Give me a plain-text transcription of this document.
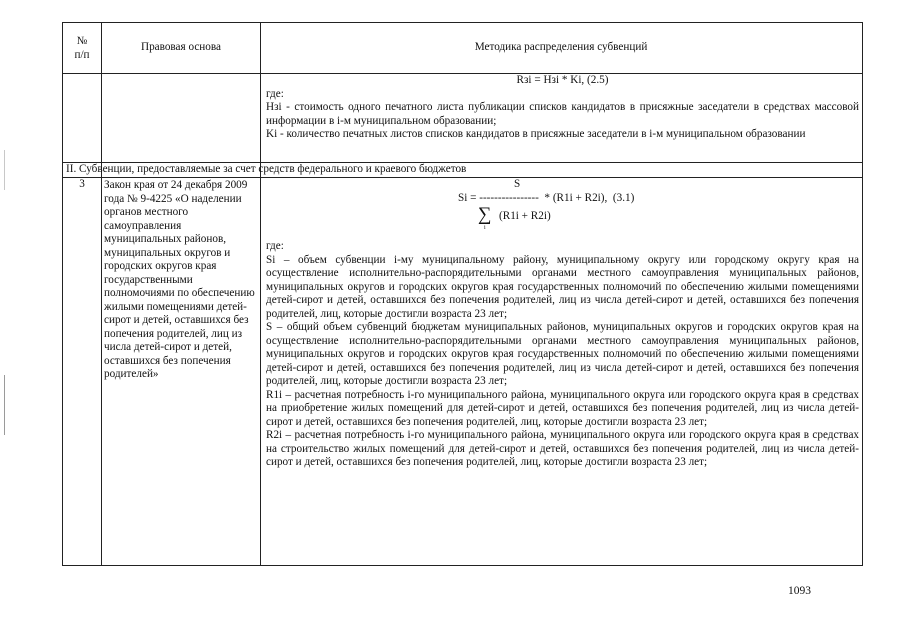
№
п/п
Правовая основа	Методика распределения субвенций
Rзi = Hзi * Ki, (2.5)
где:
Hзi - стоимость одного печатного листа публикации списков кандидатов в присяжные заседатели в средствах массовой информации в i-м муниципальном образовании;
Ki - количество печатных листов списков кандидатов в присяжные заседатели в i-м муниципальном образовании
II. Субвенции, предоставляемые за счет средств федерального и краевого бюджетов
3	Закон края от 24 декабря 2009 года № 9-4225 «О наделении органов местного самоуправления муниципальных районов, муниципальных округов и городских округов края государственными полномочиями по обеспечению жилыми помещениями детей-сирот и детей, оставшихся без попечения родителей, лиц из числа детей-сирот и детей, оставшихся без попечения родителей»
S
Si = ----------------  * (R1i + R2i),  (3.1)
∑
i
(R1i + R2i)
где:
Si – объем субвенции i-му муниципальному району, муниципальному округу или городскому округу края на осуществление исполнительно-распорядительными органами местного самоуправления муниципальных районов, муниципальных округов и городских округов края государственных полномочий по обеспечению жилыми помещениями детей-сирот и детей, оставшихся без попечения родителей, лиц из числа детей-сирот и детей, оставшихся без попечения родителей, лиц, которые достигли возраста 23 лет;
S – общий объем субвенций бюджетам муниципальных районов, муниципальных округов и городских округов края на осуществление исполнительно-распорядительными органами местного самоуправления муниципальных районов, муниципальных округов и городских округов края государственных полномочий по обеспечению жилыми помещениями детей-сирот и детей, оставшихся без попечения родителей, лиц из числа детей-сирот и детей, оставшихся без попечения родителей, лиц, которые достигли возраста 23 лет;
R1i – расчетная потребность i-го муниципального района, муниципального округа или городского округа края в средствах на приобретение жилых помещений для детей-сирот и детей, оставшихся без попечения родителей, лиц из числа детей-сирот и детей, оставшихся без попечения родителей, лиц, которые достигли возраста 23 лет;
R2i – расчетная потребность i-го муниципального района, муниципального округа или городского округа края в средствах на строительство жилых помещений для детей-сирот и детей, оставшихся без попечения родителей, лиц из числа детей-сирот и детей, оставшихся без попечения родителей, лиц, которые достигли возраста 23 лет;
1093
